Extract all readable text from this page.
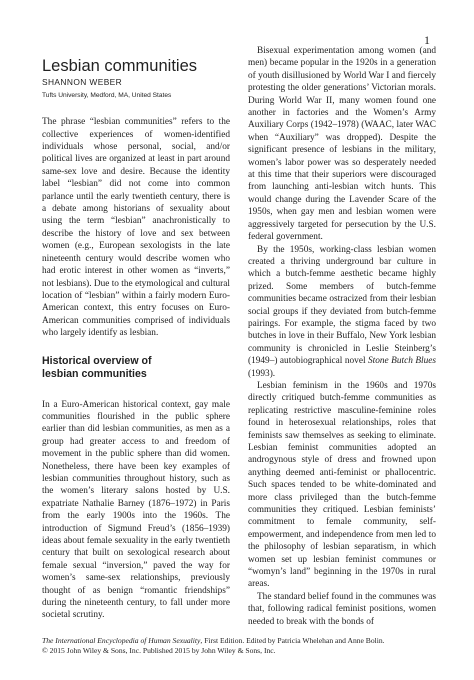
1
Lesbian communities
SHANNON WEBER
Tufts University, Medford, MA, United States

The phrase “lesbian communities” refers to the collective experiences of women-identified individuals whose personal, social, and/or political lives are organized at least in part around same-sex love and desire. Because the identity label “lesbian” did not come into common parlance until the early twentieth century, there is a debate among historians of sexuality about using the term “lesbian” anachronistically to describe the history of love and sex between women (e.g., European sexologists in the late nineteenth century would describe women who had erotic interest in other women as “inverts,” not lesbians). Due to the etymological and cultural location of “lesbian” within a fairly modern Euro-American context, this entry focuses on Euro-American communities comprised of individuals who largely identify as lesbian.

Historical overview of lesbian communities

In a Euro-American historical context, gay male communities flourished in the public sphere earlier than did lesbian communities, as men as a group had greater access to and freedom of movement in the public sphere than did women. Nonetheless, there have been key examples of lesbian communities throughout history, such as the women’s literary salons hosted by U.S. expatriate Nathalie Barney (1876–1972) in Paris from the early 1900s into the 1960s. The introduction of Sigmund Freud’s (1856–1939) ideas about female sexuality in the early twentieth century that built on sexological research about female sexual “inversion,” paved the way for women’s same-sex relationships, previously thought of as benign “romantic friendships” during the nineteenth century, to fall under more societal scrutiny.

Bisexual experimentation among women (and men) became popular in the 1920s in a generation of youth disillusioned by World War I and fiercely protesting the older generations’ Victorian morals. During World War II, many women found one another in factories and the Women’s Army Auxiliary Corps (1942–1978) (WAAC, later WAC when “Auxiliary” was dropped). Despite the significant presence of lesbians in the military, women’s labor power was so desperately needed at this time that their superiors were discouraged from launching anti-lesbian witch hunts. This would change during the Lavender Scare of the 1950s, when gay men and lesbian women were aggressively targeted for persecution by the U.S. federal government.

By the 1950s, working-class lesbian women created a thriving underground bar culture in which a butch-femme aesthetic became highly prized. Some members of butch-femme communities became ostracized from their lesbian social groups if they deviated from butch-femme pairings. For example, the stigma faced by two butches in love in their Buffalo, New York lesbian community is chronicled in Leslie Steinberg’s (1949–) autobiographical novel Stone Butch Blues (1993).

Lesbian feminism in the 1960s and 1970s directly critiqued butch-femme communities as replicating restrictive masculine-feminine roles found in heterosexual relationships, roles that feminists saw themselves as seeking to eliminate. Lesbian feminist communities adopted an androgynous style of dress and frowned upon anything deemed anti-feminist or phallocentric. Such spaces tended to be white-dominated and more class privileged than the butch-femme communities they critiqued. Lesbian feminists’ commitment to female community, self-empowerment, and independence from men led to the philosophy of lesbian separatism, in which women set up lesbian feminist communes or “womyn’s land” beginning in the 1970s in rural areas.

The standard belief found in the communes was that, following radical feminist positions, women needed to break with the bonds of

The International Encyclopedia of Human Sexuality, First Edition. Edited by Patricia Whelehan and Anne Bolin.
© 2015 John Wiley & Sons, Inc. Published 2015 by John Wiley & Sons, Inc.
